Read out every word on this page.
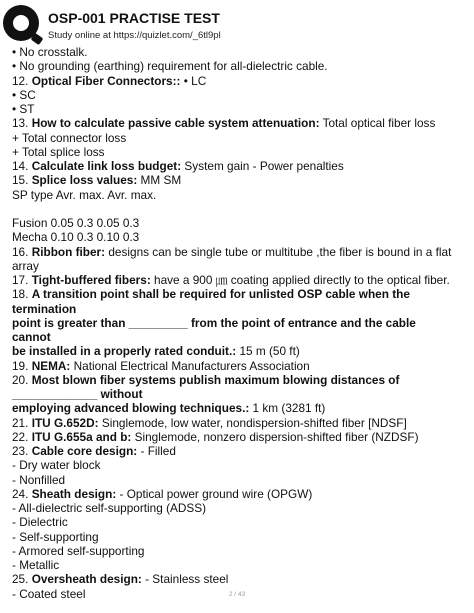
OSP-001 PRACTISE TEST
Study online at https://quizlet.com/_6tl9pl
• No crosstalk.
• No grounding (earthing) requirement for all-dielectric cable.
12. Optical Fiber Connectors:: • LC
• SC
• ST
13. How to calculate passive cable system attenuation: Total optical fiber loss
+ Total connector loss
+ Total splice loss
14. Calculate link loss budget: System gain - Power penalties
15. Splice loss values: MM SM
SP type Avr. max. Avr. max.
Fusion 0.05 0.3 0.05 0.3
Mecha 0.10 0.3 0.10 0.3
16. Ribbon fiber: designs can be single tube or multitube ,the fiber is bound in a flat array
17. Tight-buffered fibers: have a 900 ㎛ coating applied directly to the optical fiber.
18. A transition point shall be required for unlisted OSP cable when the
termination
point is greater than _________ from the point of entrance and the cable
cannot
be installed in a properly rated conduit.: 15 m (50 ft)
19. NEMA: National Electrical Manufacturers Association
20. Most blown fiber systems publish maximum blowing distances of
_____________ without
employing advanced blowing techniques.: 1 km (3281 ft)
21. ITU G.652D: Singlemode, low water, nondispersion-shifted fiber [NDSF]
22. ITU G.655a and b: Singlemode, nonzero dispersion-shifted fiber (NZDSF)
23. Cable core design: - Filled
- Dry water block
- Nonfilled
24. Sheath design: - Optical power ground wire (OPGW)
- All-dielectric self-supporting (ADSS)
- Dielectric
- Self-supporting
- Armored self-supporting
- Metallic
25. Oversheath design: - Stainless steel
- Coated steel	2 / 43
